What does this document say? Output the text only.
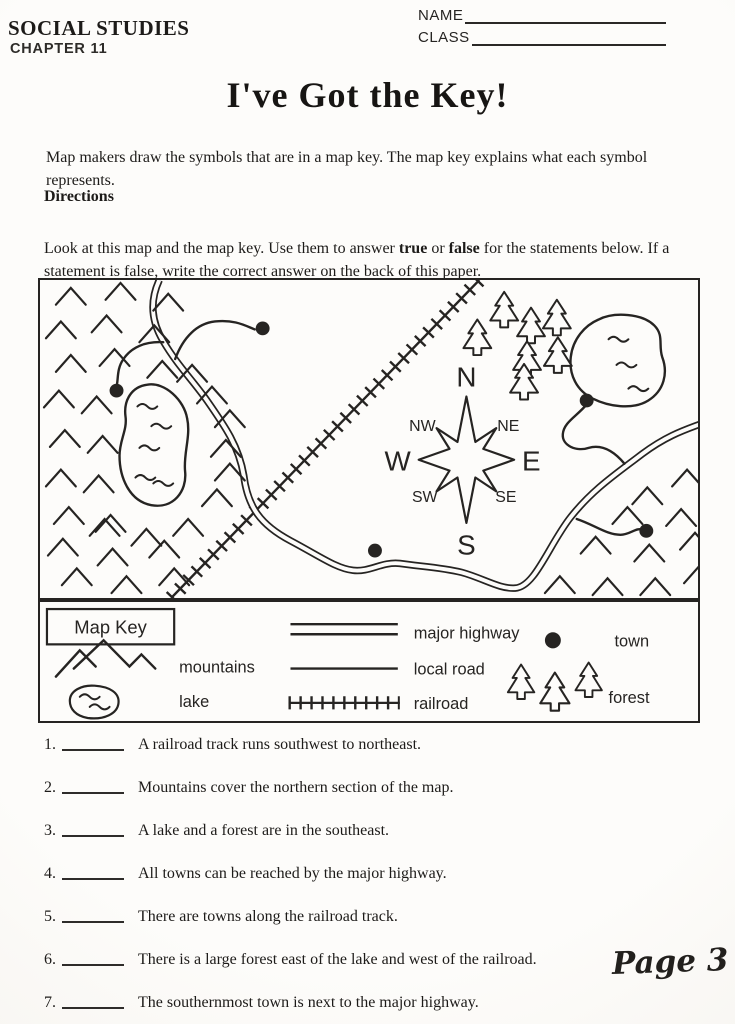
SOCIAL STUDIES
CHAPTER 11
NAME
CLASS
I've Got the Key!

Map makers draw the symbols that are in a map key. The map key explains what each symbol represents.

Directions

Look at this map and the map key. Use them to answer true or false for the statements below. If a statement is false, write the correct answer on the back of this paper.

N
S
E
W
NE
NW
SE
SW
Map Key
mountains
lake
major highway
local road
railroad
town
forest
1.	A railroad track runs southwest to northeast.
2.	Mountains cover the northern section of the map.
3.	A lake and a forest are in the southeast.
4.	All towns can be reached by the major highway.
5.	There are towns along the railroad track.
6.	There is a large forest east of the lake and west of the railroad.
7.	The southernmost town is next to the major highway.
Page 3
